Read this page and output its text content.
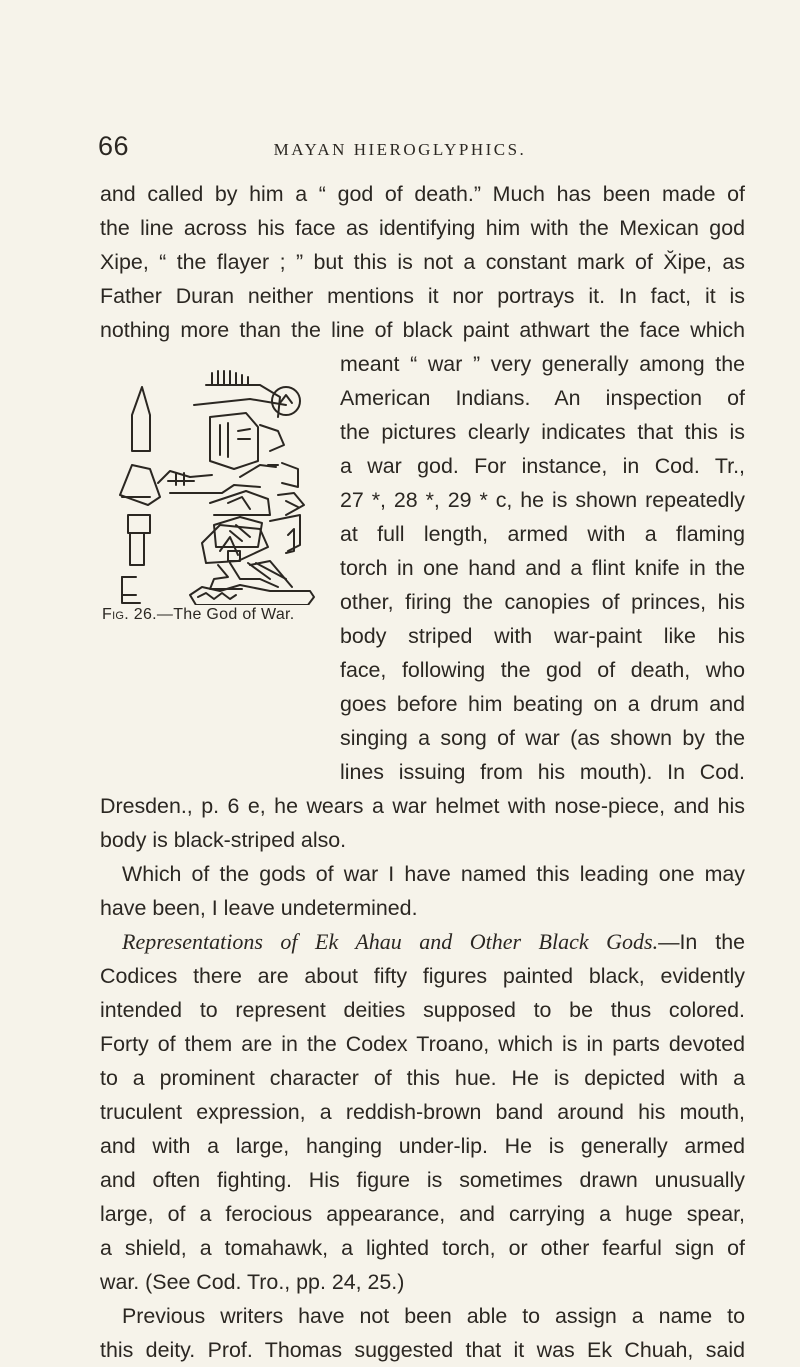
66	MAYAN HIEROGLYPHICS.
and called by him a “ god of death.” Much has been made of
the line across his face as identifying him with the Mexican god
Xipe, “ the flayer ; ” but this is not a constant mark of X̆ipe, as
Father Duran neither mentions it nor portrays it. In fact, it is
nothing more than the line of black paint athwart the face which
meant “ war ” very generally among the
American Indians. An inspection of
the pictures clearly indicates that this is
a war god. For instance, in Cod. Tr.,
27 *, 28 *, 29 * c, he is shown repeatedly
at full length, armed with a flaming
torch in one hand and a flint knife in the
other, firing the canopies of princes, his
body striped with war-paint like his
face, following the god of death, who
goes before him beating on a drum and
singing a song of war (as shown by the
lines issuing from his mouth). In Cod.
Fig. 26.—The God of War.
Dresden., p. 6 e, he wears a war helmet with nose-piece, and his
body is black-striped also.
Which of the gods of war I have named this leading one may
have been, I leave undetermined.
Representations of Ek Ahau and Other Black Gods.—In the
Codices there are about fifty figures painted black, evidently
intended to represent deities supposed to be thus colored.
Forty of them are in the Codex Troano, which is in parts devoted
to a prominent character of this hue. He is depicted with a
truculent expression, a reddish-brown band around his mouth,
and with a large, hanging under-lip. He is generally armed
and often fighting. His figure is sometimes drawn unusually
large, of a ferocious appearance, and carrying a huge spear,
a shield, a tomahawk, a lighted torch, or other fearful sign of
war. (See Cod. Tro., pp. 24, 25.)
Previous writers have not been able to assign a name to
this deity. Prof. Thomas suggested that it was Ek Chuah, said
